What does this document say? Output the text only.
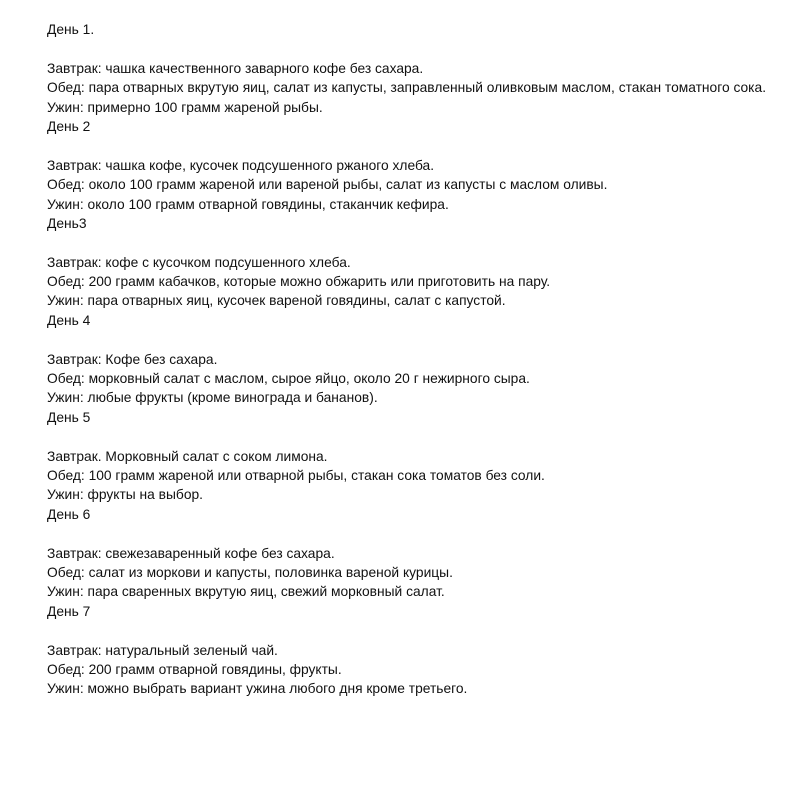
День 1.
Завтрак: чашка качественного заварного кофе без сахара.
Обед: пара отварных вкрутую яиц, салат из капусты, заправленный оливковым маслом, стакан томатного сока.
Ужин: примерно 100 грамм жареной рыбы.
День 2
Завтрак: чашка кофе, кусочек подсушенного ржаного хлеба.
Обед: около 100 грамм жареной или вареной рыбы, салат из капусты с маслом оливы.
Ужин: около 100 грамм отварной говядины, стаканчик кефира.
День3
Завтрак: кофе с кусочком подсушенного хлеба.
Обед: 200 грамм кабачков, которые можно обжарить или приготовить на пару.
Ужин: пара отварных яиц, кусочек вареной говядины, салат с капустой.
День 4
Завтрак: Кофе без сахара.
Обед: морковный салат с маслом, сырое яйцо, около 20 г нежирного сыра.
Ужин: любые фрукты (кроме винограда и бананов).
День 5
Завтрак. Морковный салат с соком лимона.
Обед: 100 грамм жареной или отварной рыбы, стакан сока томатов без соли.
Ужин: фрукты на выбор.
День 6
Завтрак: свежезаваренный кофе без сахара.
Обед: салат из моркови и капусты, половинка вареной курицы.
Ужин: пара сваренных вкрутую яиц, свежий морковный салат.
День 7
Завтрак: натуральный зеленый чай.
Обед: 200 грамм отварной говядины, фрукты.
Ужин: можно выбрать вариант ужина любого дня кроме третьего.
